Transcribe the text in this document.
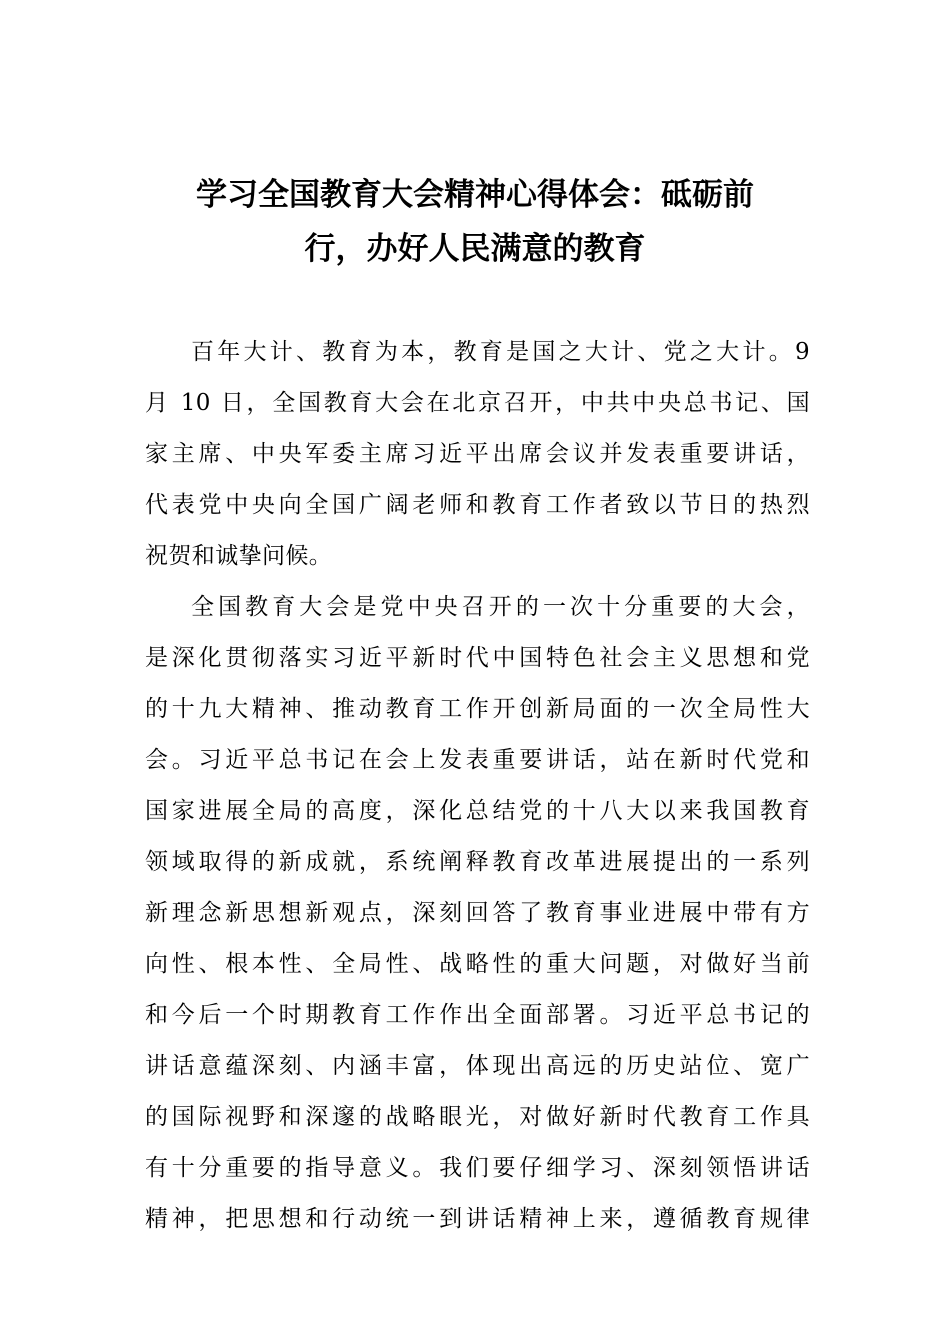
学习全国教育大会精神心得体会：砥砺前
行，办好人民满意的教育
百年大计、教育为本，教育是国之大计、党之大计。9
月 10 日，全国教育大会在北京召开，中共中央总书记、国
家主席、中央军委主席习近平出席会议并发表重要讲话，
代表党中央向全国广阔老师和教育工作者致以节日的热烈
祝贺和诚挚问候。
全国教育大会是党中央召开的一次十分重要的大会，
是深化贯彻落实习近平新时代中国特色社会主义思想和党
的十九大精神、推动教育工作开创新局面的一次全局性大
会。习近平总书记在会上发表重要讲话，站在新时代党和
国家进展全局的高度，深化总结党的十八大以来我国教育
领域取得的新成就，系统阐释教育改革进展提出的一系列
新理念新思想新观点，深刻回答了教育事业进展中带有方
向性、根本性、全局性、战略性的重大问题，对做好当前
和今后一个时期教育工作作出全面部署。习近平总书记的
讲话意蕴深刻、内涵丰富，体现出高远的历史站位、宽广
的国际视野和深邃的战略眼光，对做好新时代教育工作具
有十分重要的指导意义。我们要仔细学习、深刻领悟讲话
精神，把思想和行动统一到讲话精神上来，遵循教育规律
